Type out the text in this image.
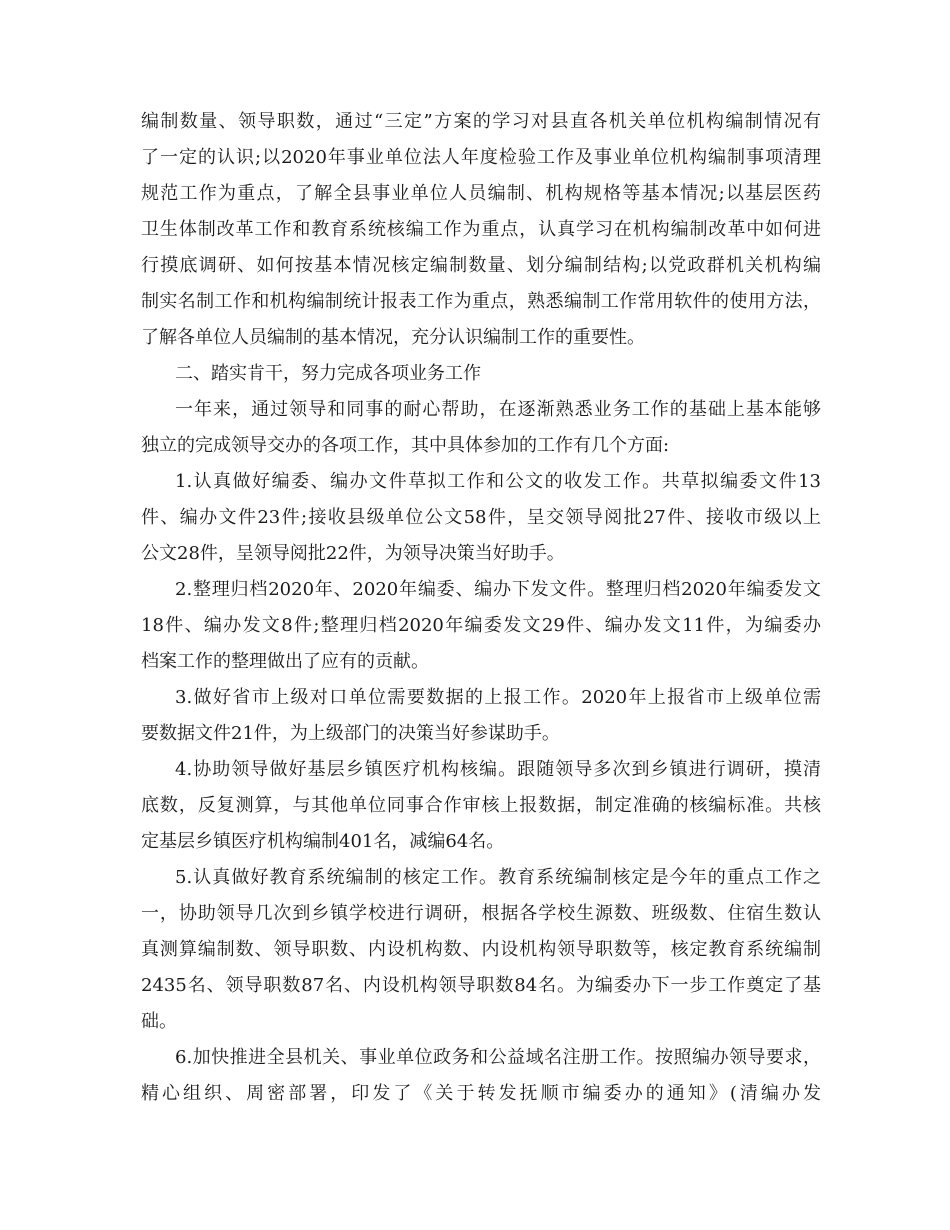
编制数量、领导职数，通过“三定”方案的学习对县直各机关单位机构编制情况有
了一定的认识;以2020年事业单位法人年度检验工作及事业单位机构编制事项清理
规范工作为重点，了解全县事业单位人员编制、机构规格等基本情况;以基层医药
卫生体制改革工作和教育系统核编工作为重点，认真学习在机构编制改革中如何进
行摸底调研、如何按基本情况核定编制数量、划分编制结构;以党政群机关机构编
制实名制工作和机构编制统计报表工作为重点，熟悉编制工作常用软件的使用方法，
了解各单位人员编制的基本情况，充分认识编制工作的重要性。
二、踏实肯干，努力完成各项业务工作
一年来，通过领导和同事的耐心帮助，在逐渐熟悉业务工作的基础上基本能够
独立的完成领导交办的各项工作，其中具体参加的工作有几个方面:
1.认真做好编委、编办文件草拟工作和公文的收发工作。共草拟编委文件13
件、编办文件23件;接收县级单位公文58件，呈交领导阅批27件、接收市级以上
公文28件，呈领导阅批22件，为领导决策当好助手。
2.整理归档2020年、2020年编委、编办下发文件。整理归档2020年编委发文
18件、编办发文8件;整理归档2020年编委发文29件、编办发文11件，为编委办
档案工作的整理做出了应有的贡献。
3.做好省市上级对口单位需要数据的上报工作。2020年上报省市上级单位需
要数据文件21件，为上级部门的决策当好参谋助手。
4.协助领导做好基层乡镇医疗机构核编。跟随领导多次到乡镇进行调研，摸清
底数，反复测算，与其他单位同事合作审核上报数据，制定准确的核编标准。共核
定基层乡镇医疗机构编制401名，减编64名。
5.认真做好教育系统编制的核定工作。教育系统编制核定是今年的重点工作之
一，协助领导几次到乡镇学校进行调研，根据各学校生源数、班级数、住宿生数认
真测算编制数、领导职数、内设机构数、内设机构领导职数等，核定教育系统编制
2435名、领导职数87名、内设机构领导职数84名。为编委办下一步工作奠定了基
础。
6.加快推进全县机关、事业单位政务和公益域名注册工作。按照编办领导要求，
精心组织、周密部署，印发了《关于转发抚顺市编委办的通知》(清编办发
